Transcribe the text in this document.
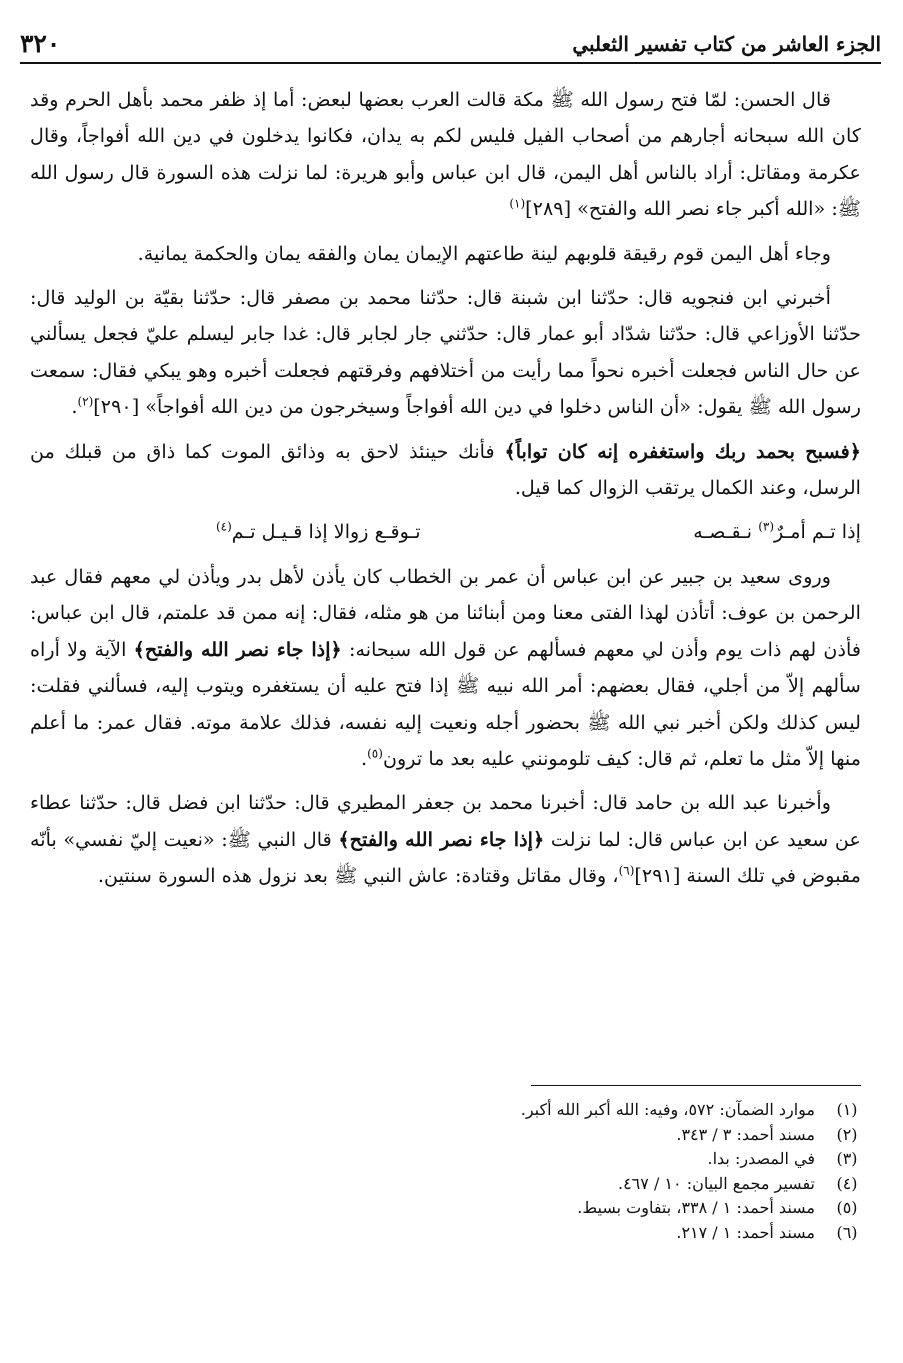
الجزء العاشر من كتاب تفسير الثعلبي
٣٢٠

قال الحسن: لمّا فتح رسول الله ﷺ مكة قالت العرب بعضها لبعض: أما إذ ظفر محمد بأهل الحرم وقد كان الله سبحانه أجارهم من أصحاب الفيل فليس لكم به يدان، فكانوا يدخلون في دين الله أفواجاً، وقال عكرمة ومقاتل: أراد بالناس أهل اليمن، قال ابن عباس وأبو هريرة: لما نزلت هذه السورة قال رسول الله ﷺ: «الله أكبر جاء نصر الله والفتح» [٢٨٩]$^{(١)}$

وجاء أهل اليمن قوم رقيقة قلوبهم لينة طاعتهم الإيمان يمان والفقه يمان والحكمة يمانية.

أخبرني ابن فنجويه قال: حدّثنا ابن شبنة قال: حدّثنا محمد بن مصفر قال: حدّثنا بقيّة بن الوليد قال: حدّثنا الأوزاعي قال: حدّثنا شدّاد أبو عمار قال: حدّثني جار لجابر قال: غدا جابر ليسلم عليّ فجعل يسألني عن حال الناس فجعلت أخبره نحواً مما رأيت من أختلافهم وفرقتهم فجعلت أخبره وهو يبكي فقال: سمعت رسول الله ﷺ يقول: «أن الناس دخلوا في دين الله أفواجاً وسيخرجون من دين الله أفواجاً» [٢٩٠]$^{(٢)}$.

﴿فسبح بحمد ربك واستغفره إنه كان تواباً﴾ فأنك حينئذ لاحق به وذائق الموت كما ذاق من قبلك من الرسل، وعند الكمال يرتقب الزوال كما قيل.

إذا تـم أمـرٌ$^{(٣)}$ نـقـصـه
تـوقـع زوالا إذا قـيـل تـم$^{(٤)}$

وروى سعيد بن جبير عن ابن عباس أن عمر بن الخطاب كان يأذن لأهل بدر ويأذن لي معهم فقال عبد الرحمن بن عوف: أتأذن لهذا الفتى معنا ومن أبنائنا من هو مثله، فقال: إنه ممن قد علمتم، قال ابن عباس: فأذن لهم ذات يوم وأذن لي معهم فسألهم عن قول الله سبحانه: ﴿إذا جاء نصر الله والفتح﴾ الآية ولا أراه سألهم إلاّ من أجلي، فقال بعضهم: أمر الله نبيه ﷺ إذا فتح عليه أن يستغفره ويتوب إليه، فسألني فقلت: ليس كذلك ولكن أخبر نبي الله ﷺ بحضور أجله ونعيت إليه نفسه، فذلك علامة موته. فقال عمر: ما أعلم منها إلاّ مثل ما تعلم، ثم قال: كيف تلومونني عليه بعد ما ترون$^{(٥)}$.

وأخبرنا عبد الله بن حامد قال: أخبرنا محمد بن جعفر المطيري قال: حدّثنا ابن فضل قال: حدّثنا عطاء عن سعيد عن ابن عباس قال: لما نزلت ﴿إذا جاء نصر الله والفتح﴾ قال النبي ﷺ: «نعيت إليّ نفسي» بأنّه مقبوض في تلك السنة [٢٩١]$^{(٦)}$، وقال مقاتل وقتادة: عاش النبي ﷺ بعد نزول هذه السورة سنتين.

(١)
موارد الضمآن: ٥٧٢، وفيه: الله أكبر الله أكبر.
(٢)
مسند أحمد: ٣ / ٣٤٣.
(٣)
في المصدر: بدا.
(٤)
تفسير مجمع البيان: ١٠ / ٤٦٧.
(٥)
مسند أحمد: ١ / ٣٣٨، بتفاوت بسيط.
(٦)
مسند أحمد: ١ / ٢١٧.
